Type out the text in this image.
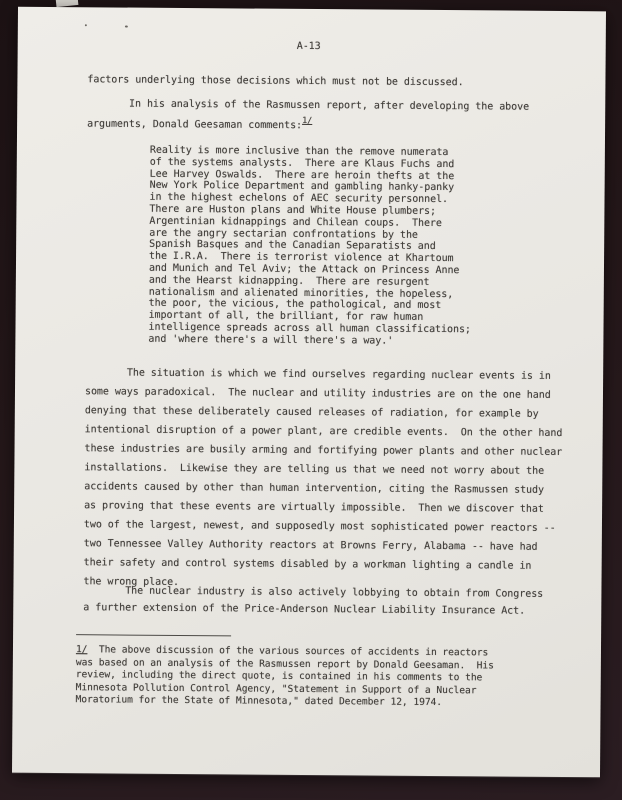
A-13
factors underlying those decisions which must not be discussed.
In his analysis of the Rasmussen report, after developing the above
arguments, Donald Geesaman comments:$^{1/}$
Reality is more inclusive than the remove numerata
of the systems analysts.  There are Klaus Fuchs and
Lee Harvey Oswalds.  There are heroin thefts at the
New York Police Department and gambling hanky-panky
in the highest echelons of AEC security personnel.
There are Huston plans and White House plumbers;
Argentinian kidnappings and Chilean coups.  There
are the angry sectarian confrontations by the
Spanish Basques and the Canadian Separatists and
the I.R.A.  There is terrorist violence at Khartoum
and Munich and Tel Aviv; the Attack on Princess Anne
and the Hearst kidnapping.  There are resurgent
nationalism and alienated minorities, the hopeless,
the poor, the vicious, the pathological, and most
important of all, the brilliant, for raw human
intelligence spreads across all human classifications;
and 'where there's a will there's a way.'
The situation is which we find ourselves regarding nuclear events is in
some ways paradoxical.  The nuclear and utility industries are on the one hand
denying that these deliberately caused releases of radiation, for example by
intentional disruption of a power plant, are credible events.  On the other hand
these industries are busily arming and fortifying power plants and other nuclear
installations.  Likewise they are telling us that we need not worry about the
accidents caused by other than human intervention, citing the Rasmussen study
as proving that these events are virtually impossible.  Then we discover that
two of the largest, newest, and supposedly most sophisticated power reactors --
two Tennessee Valley Authority reactors at Browns Ferry, Alabama -- have had
their safety and control systems disabled by a workman lighting a candle in
the wrong place.
The nuclear industry is also actively lobbying to obtain from Congress
a further extension of the Price-Anderson Nuclear Liability Insurance Act.
1/  The above discussion of the various sources of accidents in reactors
was based on an analysis of the Rasmussen report by Donald Geesaman.  His
review, including the direct quote, is contained in his comments to the
Minnesota Pollution Control Agency, "Statement in Support of a Nuclear
Moratorium for the State of Minnesota," dated December 12, 1974.
